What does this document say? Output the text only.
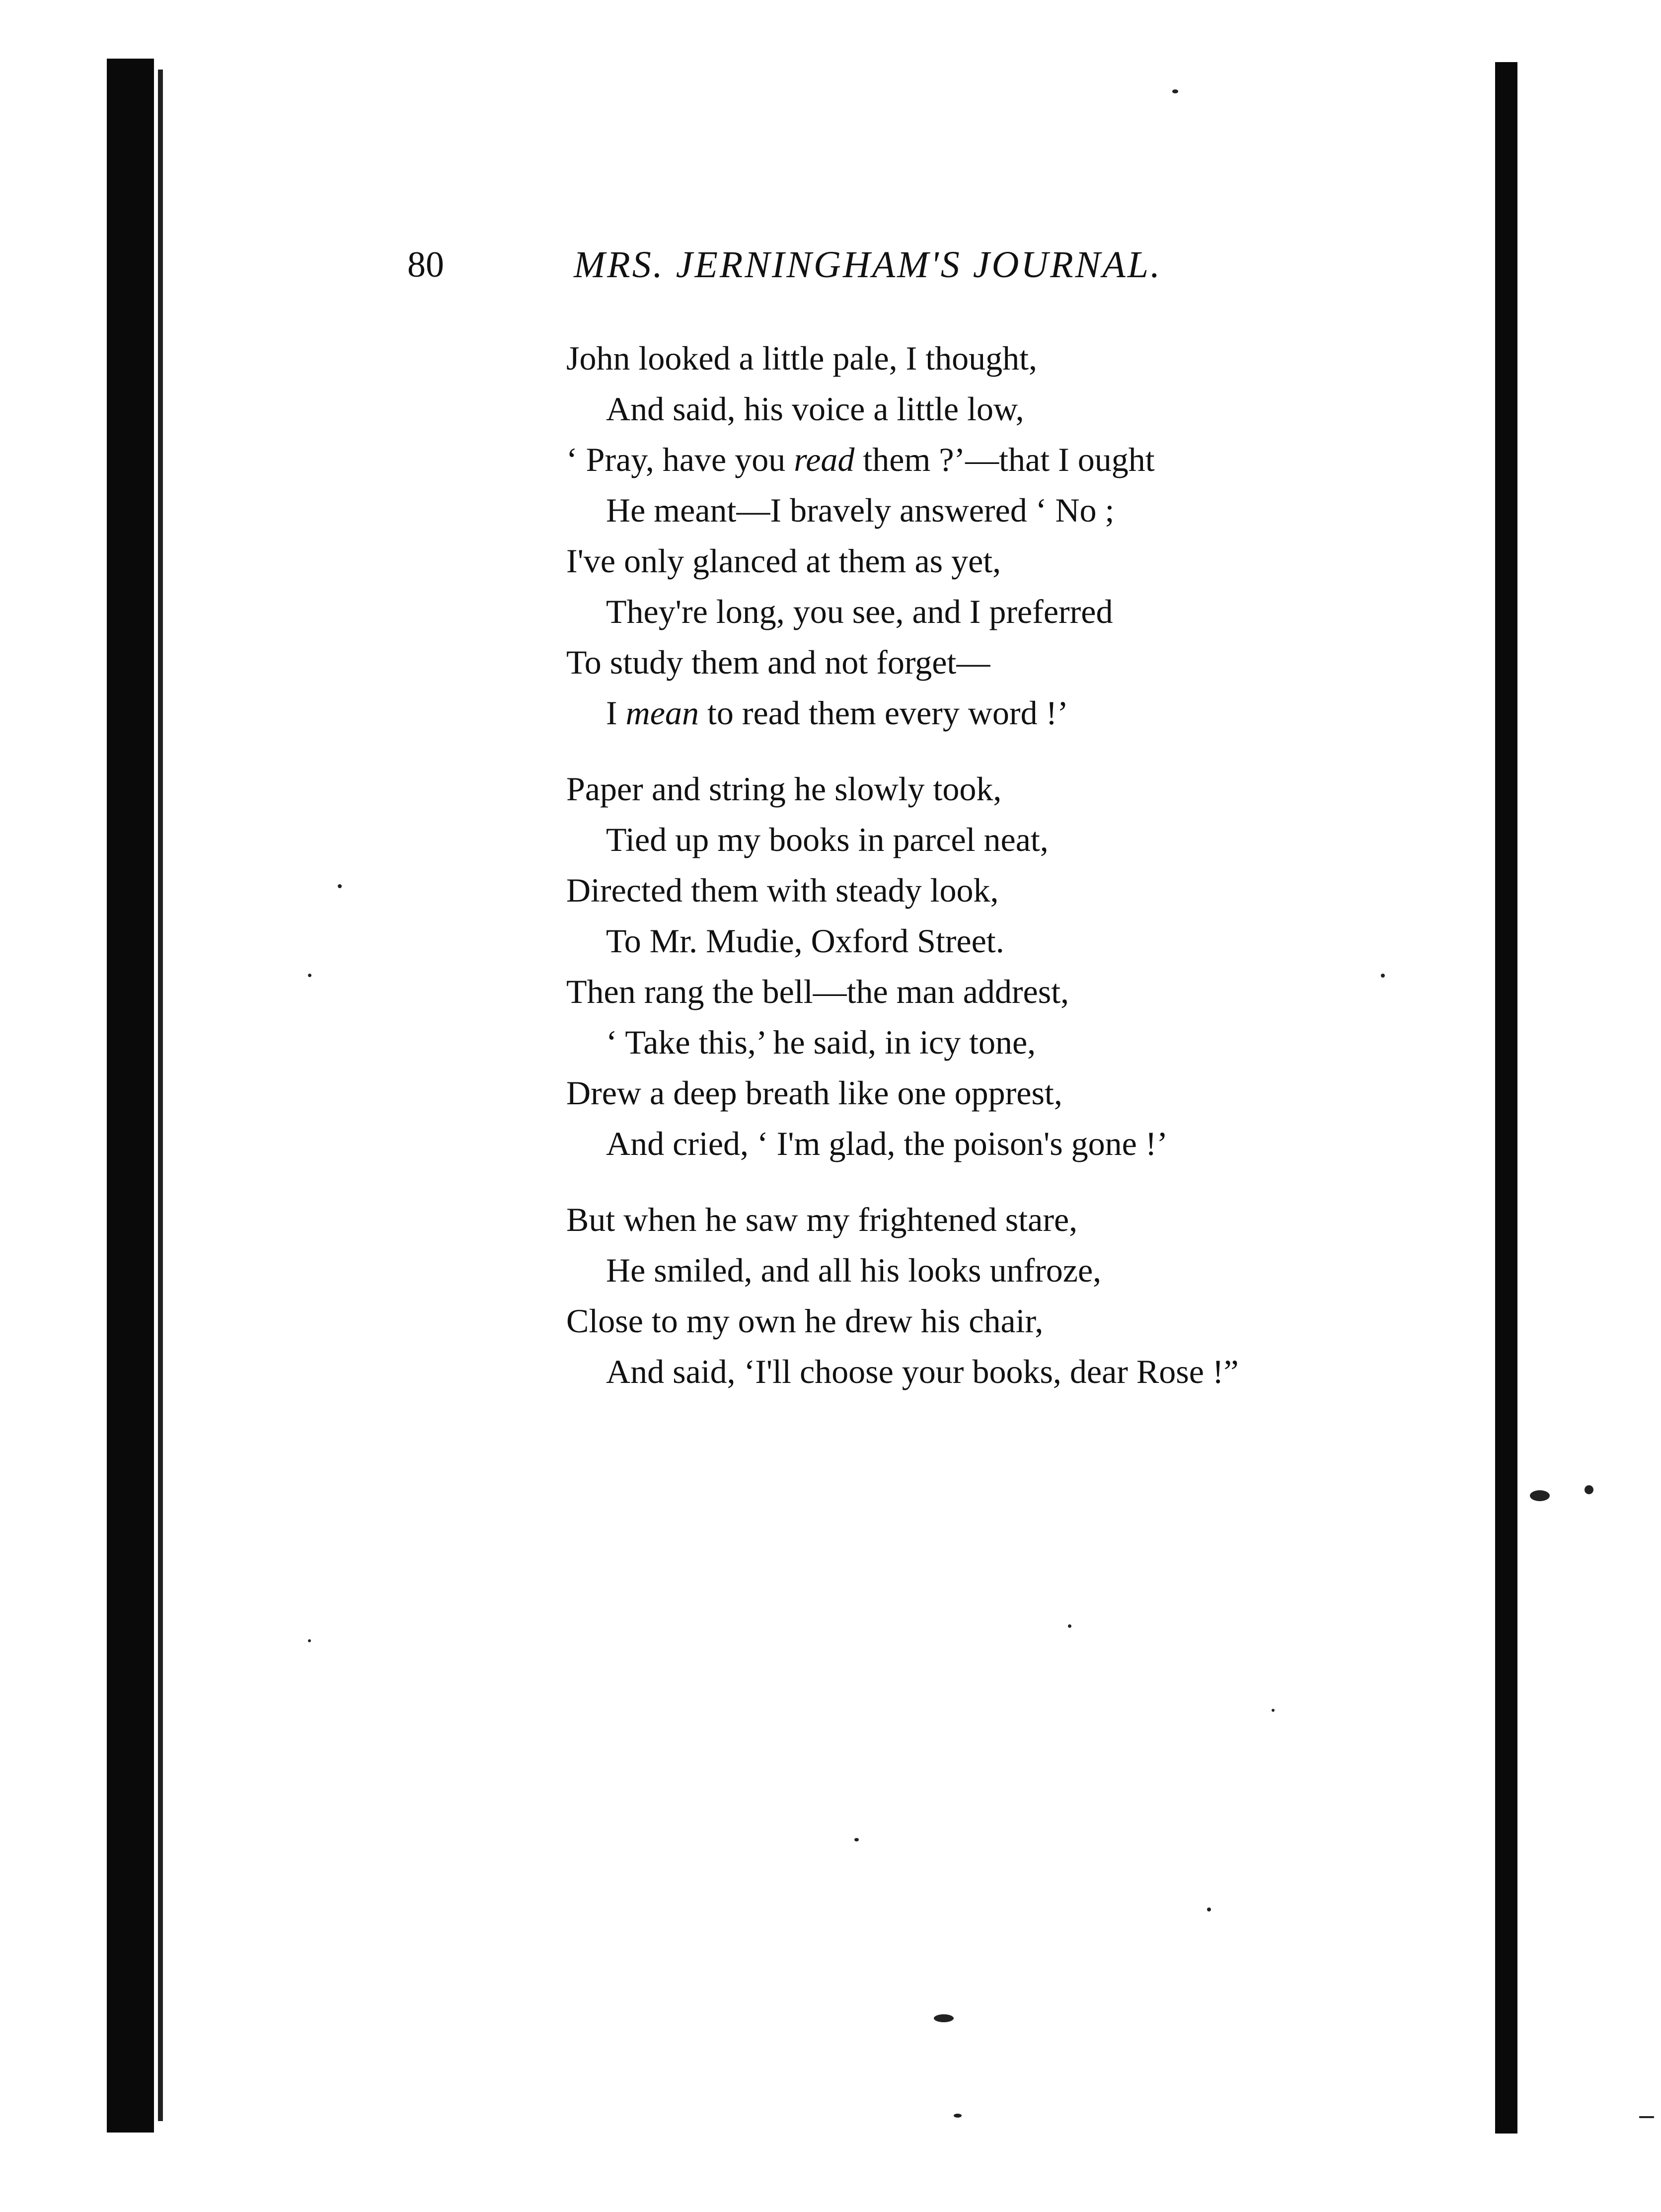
80	MRS. JERNINGHAM'S JOURNAL.
John looked a little pale, I thought,
And said, his voice a little low,
‘ Pray, have you read them ?’—that I ought
He meant—I bravely answered ‘ No ;
I've only glanced at them as yet,
They're long, you see, and I preferred
To study them and not forget—
I mean to read them every word !’
Paper and string he slowly took,
Tied up my books in parcel neat,
Directed them with steady look,
To Mr. Mudie, Oxford Street.
Then rang the bell—the man addrest,
‘ Take this,’ he said, in icy tone,
Drew a deep breath like one opprest,
And cried, ‘ I'm glad, the poison's gone !’
But when he saw my frightened stare,
He smiled, and all his looks unfroze,
Close to my own he drew his chair,
And said, ‘I'll choose your books, dear Rose !”
